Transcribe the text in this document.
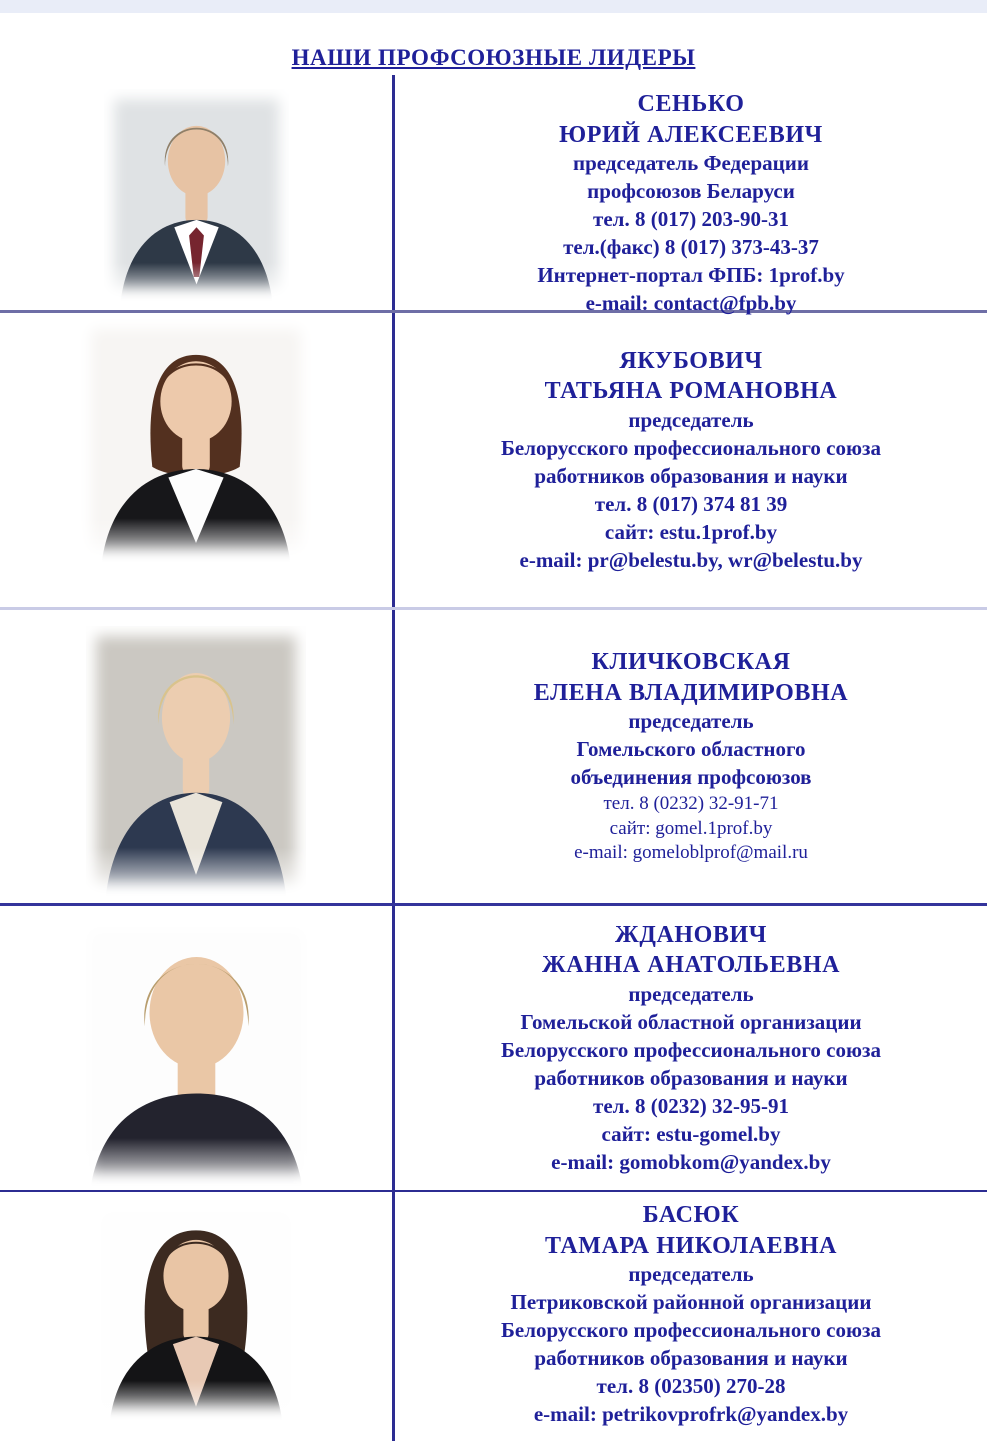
НАШИ ПРОФСОЮЗНЫЕ ЛИДЕРЫ
СЕНЬКО
ЮРИЙ АЛЕКСЕЕВИЧ
председатель Федерации
профсоюзов Беларуси
тел. 8 (017) 203-90-31
тел.(факс) 8 (017) 373-43-37
Интернет-портал ФПБ: 1prof.by
e-mail: contact@fpb.by
ЯКУБОВИЧ
ТАТЬЯНА РОМАНОВНА
председатель
Белорусского профессионального союза
работников образования и науки
тел. 8 (017) 374 81 39
сайт: estu.1prof.by
e-mail: pr@belestu.by, wr@belestu.by
КЛИЧКОВСКАЯ
ЕЛЕНА ВЛАДИМИРОВНА
председатель
Гомельского областного
объединения профсоюзов
тел. 8 (0232) 32-91-71
сайт: gomel.1prof.by
e-mail: gomeloblprof@mail.ru
ЖДАНОВИЧ
ЖАННА АНАТОЛЬЕВНА
председатель
Гомельской областной организации
Белорусского профессионального союза
работников образования и науки
тел. 8 (0232) 32-95-91
сайт: estu-gomel.by
e-mail: gomobkom@yandex.by
БАСЮК
ТАМАРА НИКОЛАЕВНА
председатель
Петриковской районной организации
Белорусского профессионального союза
работников образования и науки
тел. 8 (02350) 270-28
e-mail: petrikovprofrk@yandex.by
